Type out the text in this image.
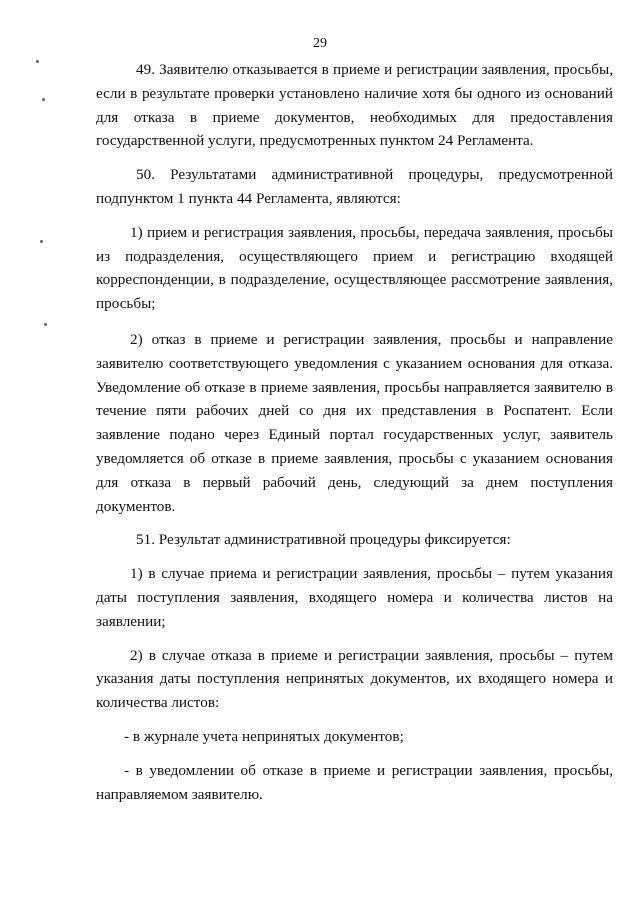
29

49. Заявителю отказывается в приеме и регистрации заявления, просьбы, если в результате проверки установлено наличие хотя бы одного из оснований для отказа в приеме документов, необходимых для предоставления государственной услуги, предусмотренных пунктом 24 Регламента.

50. Результатами административной процедуры, предусмотренной подпунктом 1 пункта 44 Регламента, являются:

1) прием и регистрация заявления, просьбы, передача заявления, просьбы из подразделения, осуществляющего прием и регистрацию входящей корреспонденции, в подразделение, осуществляющее рассмотрение заявления, просьбы;

2) отказ в приеме и регистрации заявления, просьбы и направление заявителю соответствующего уведомления с указанием основания для отказа. Уведомление об отказе в приеме заявления, просьбы направляется заявителю в течение пяти рабочих дней со дня их представления в Роспатент. Если заявление подано через Единый портал государственных услуг, заявитель уведомляется об отказе в приеме заявления, просьбы с указанием основания для отказа в первый рабочий день, следующий за днем поступления документов.

51. Результат административной процедуры фиксируется:

1) в случае приема и регистрации заявления, просьбы – путем указания даты поступления заявления, входящего номера и количества листов на заявлении;

2) в случае отказа в приеме и регистрации заявления, просьбы – путем указания даты поступления непринятых документов, их входящего номера и количества листов:

- в журнале учета непринятых документов;

- в уведомлении об отказе в приеме и регистрации заявления, просьбы, направляемом заявителю.
